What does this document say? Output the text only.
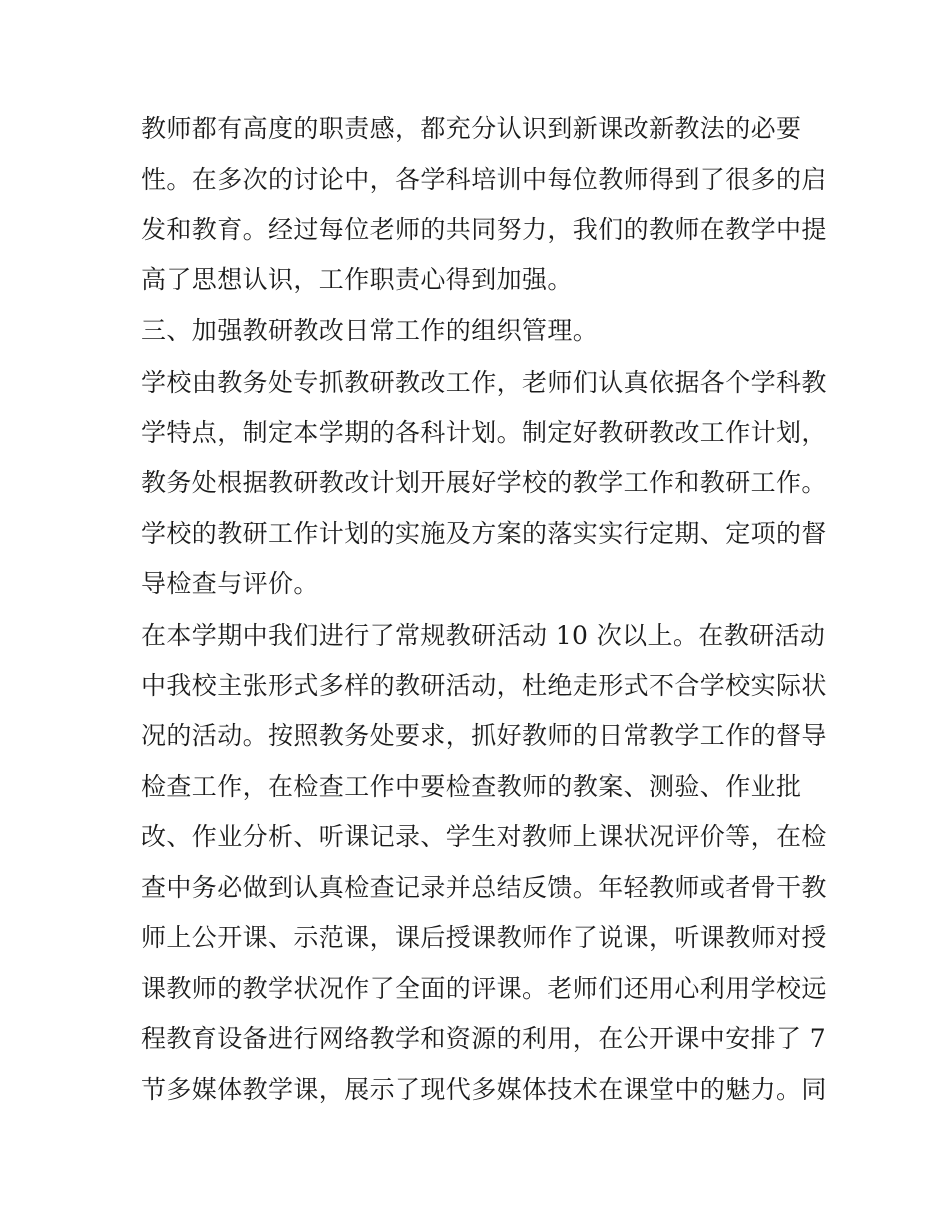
教师都有高度的职责感，都充分认识到新课改新教法的必要
性。在多次的讨论中，各学科培训中每位教师得到了很多的启
发和教育。经过每位老师的共同努力，我们的教师在教学中提
高了思想认识，工作职责心得到加强。
三、加强教研教改日常工作的组织管理。
学校由教务处专抓教研教改工作，老师们认真依据各个学科教
学特点，制定本学期的各科计划。制定好教研教改工作计划，
教务处根据教研教改计划开展好学校的教学工作和教研工作。
学校的教研工作计划的实施及方案的落实实行定期、定项的督
导检查与评价。
在本学期中我们进行了常规教研活动 10 次以上。在教研活动
中我校主张形式多样的教研活动，杜绝走形式不合学校实际状
况的活动。按照教务处要求，抓好教师的日常教学工作的督导
检查工作，在检查工作中要检查教师的教案、测验、作业批
改、作业分析、听课记录、学生对教师上课状况评价等，在检
查中务必做到认真检查记录并总结反馈。年轻教师或者骨干教
师上公开课、示范课，课后授课教师作了说课，听课教师对授
课教师的教学状况作了全面的评课。老师们还用心利用学校远
程教育设备进行网络教学和资源的利用，在公开课中安排了 7
节多媒体教学课，展示了现代多媒体技术在课堂中的魅力。同
